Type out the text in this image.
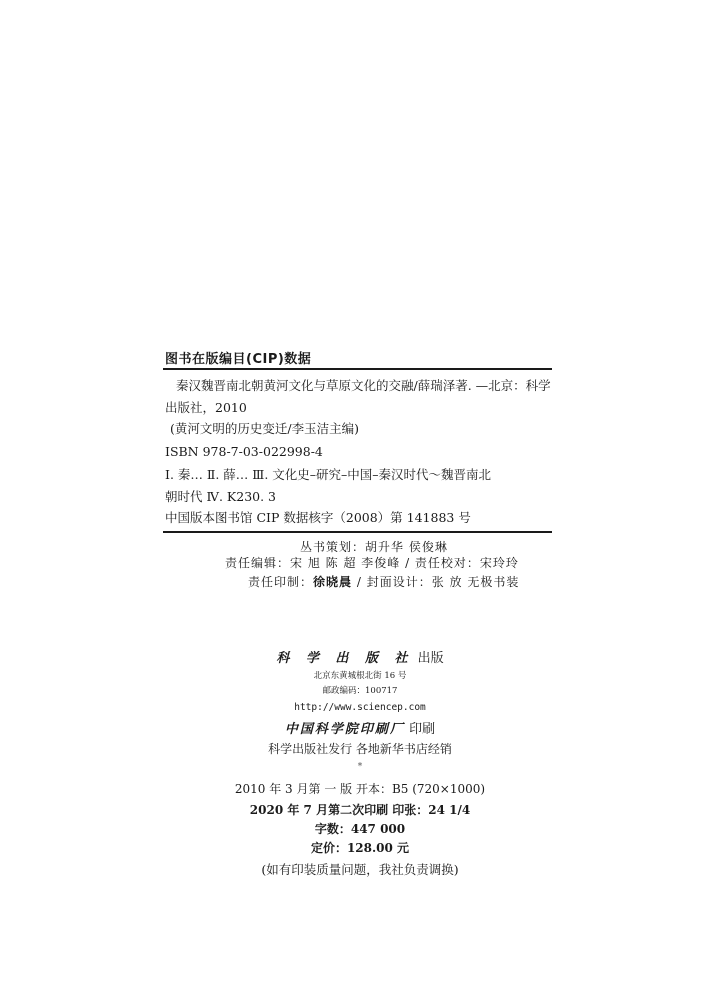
图书在版编目(CIP)数据
秦汉魏晋南北朝黄河文化与草原文化的交融/薛瑞泽著. —北京：科学
出版社，2010
(黄河文明的历史变迁/李玉洁主编)
ISBN 978-7-03-022998-4
Ⅰ. 秦… Ⅱ. 薛… Ⅲ. 文化史–研究–中国–秦汉时代～魏晋南北
朝时代 Ⅳ. K230. 3
中国版本图书馆 CIP 数据核字（2008）第 141883 号
丛书策划：胡升华 侯俊琳
责任编辑：宋 旭 陈 超 李俊峰 / 责任校对：宋玲玲
责任印制：徐晓晨 / 封面设计：张 放 无极书装
科 学 出 版 社 出版
北京东黄城根北街 16 号
邮政编码：100717
http://www.sciencep.com
中国科学院印刷厂 印刷
科学出版社发行 各地新华书店经销
*
2010 年 3 月第 一 版 开本：B5 (720×1000)
2020 年 7 月第二次印刷 印张：24 1/4
字数：447 000
定价：128.00 元
(如有印装质量问题，我社负责调换)
